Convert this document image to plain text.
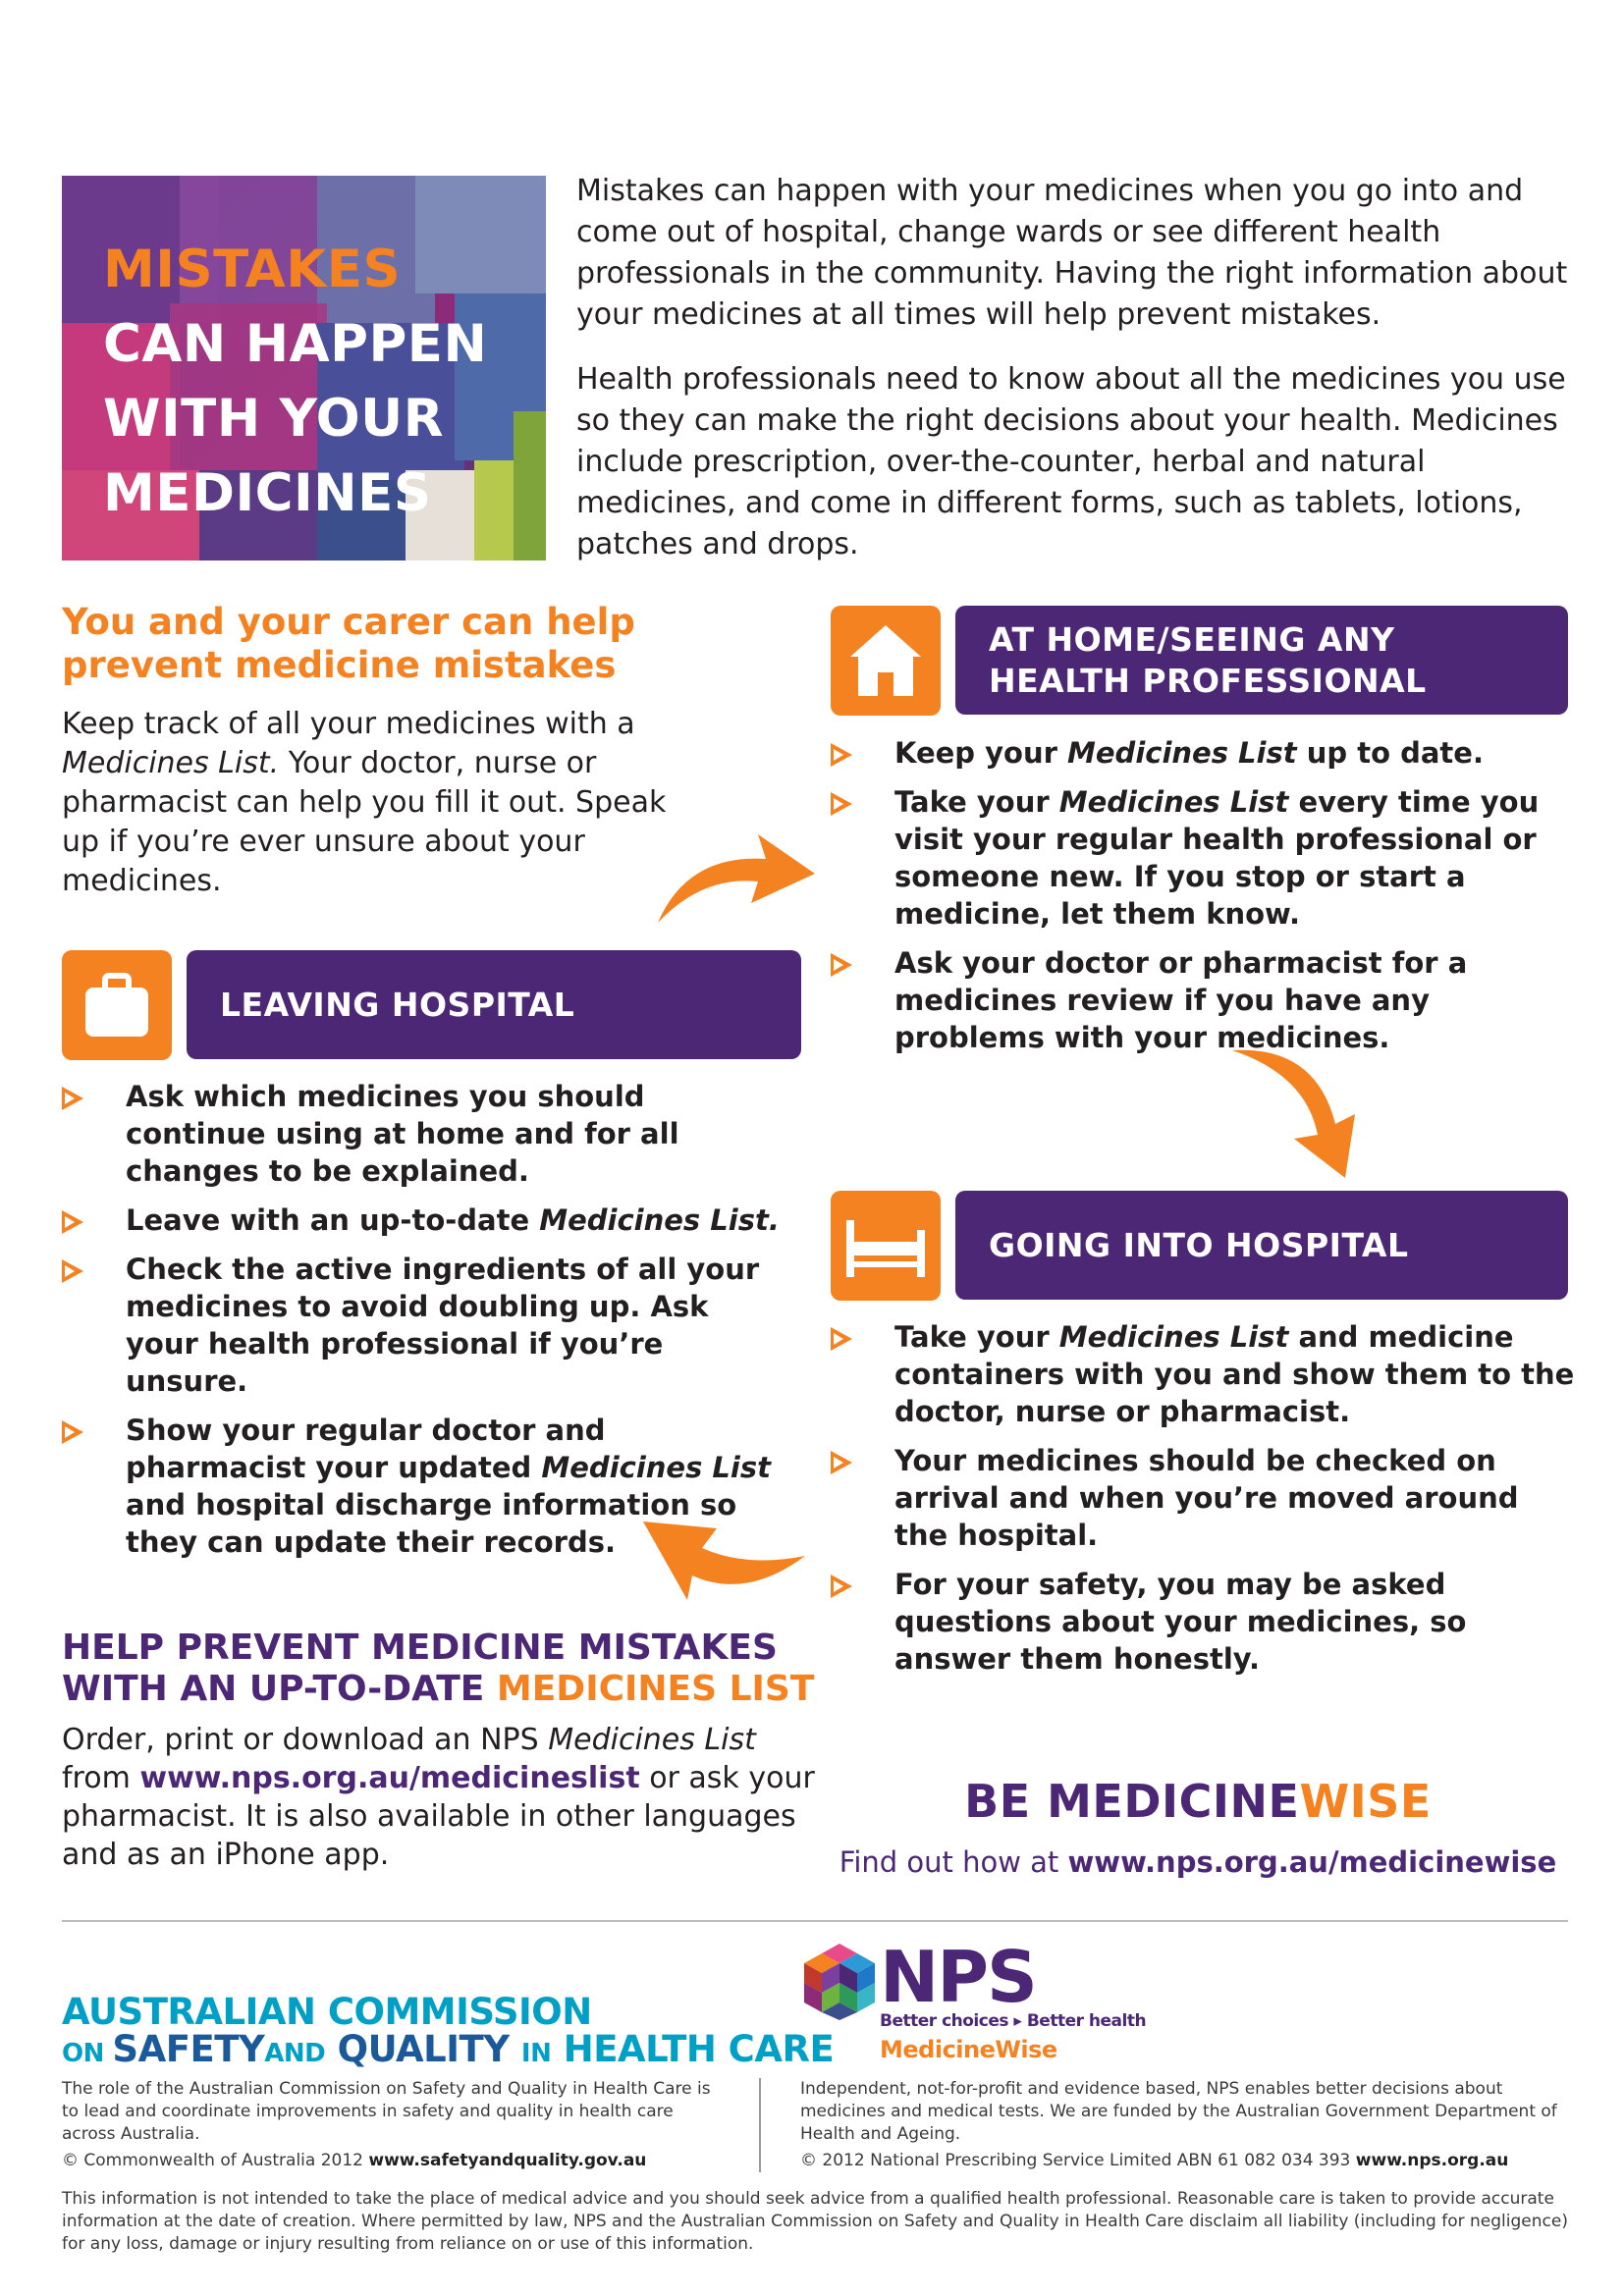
MISTAKES
CAN HAPPEN
WITH YOUR
MEDICINES

Mistakes can happen with your medicines when you go into and come out of hospital, change wards or see different health professionals in the community. Having the right information about your medicines at all times will help prevent mistakes.

Health professionals need to know about all the medicines you use so they can make the right decisions about your health. Medicines include prescription, over-the-counter, herbal and natural medicines, and come in different forms, such as tablets, lotions, patches and drops.

You and your carer can help prevent medicine mistakes
Keep track of all your medicines with a Medicines List. Your doctor, nurse or pharmacist can help you fill it out. Speak up if you’re ever unsure about your medicines.
AT HOME/SEEING ANY
HEALTH PROFESSIONAL
Keep your Medicines List up to date.
Take your Medicines List every time you visit your regular health professional or someone new. If you stop or start a medicine, let them know.
Ask your doctor or pharmacist for a medicines review if you have any problems with your medicines.
LEAVING HOSPITAL
Ask which medicines you should continue using at home and for all changes to be explained.
Leave with an up-to-date Medicines List.
Check the active ingredients of all your medicines to avoid doubling up. Ask your health professional if you’re unsure.
Show your regular doctor and pharmacist your updated Medicines List and hospital discharge information so they can update their records.
GOING INTO HOSPITAL
Take your Medicines List and medicine containers with you and show them to the doctor, nurse or pharmacist.
Your medicines should be checked on arrival and when you’re moved around the hospital.
For your safety, you may be asked questions about your medicines, so answer them honestly.
HELP PREVENT MEDICINE MISTAKES
WITH AN UP-TO-DATE MEDICINES LIST
Order, print or download an NPS Medicines List from www.nps.org.au/medicineslist or ask your pharmacist. It is also available in other languages and as an iPhone app.
BE MEDICINEWISE
Find out how at www.nps.org.au/medicinewise
AUSTRALIAN COMMISSION
ON SAFETYAND QUALITY IN HEALTH CARE
The role of the Australian Commission on Safety and Quality in Health Care is to lead and coordinate improvements in safety and quality in health care across Australia.
© Commonwealth of Australia 2012 www.safetyandquality.gov.au
NPS
Better choices ▸ Better health
MedicineWise
Independent, not-for-profit and evidence based, NPS enables better decisions about medicines and medical tests. We are funded by the Australian Government Department of Health and Ageing.
© 2012 National Prescribing Service Limited ABN 61 082 034 393 www.nps.org.au
This information is not intended to take the place of medical advice and you should seek advice from a qualified health professional. Reasonable care is taken to provide accurate information at the date of creation. Where permitted by law, NPS and the Australian Commission on Safety and Quality in Health Care disclaim all liability (including for negligence) for any loss, damage or injury resulting from reliance on or use of this information.
